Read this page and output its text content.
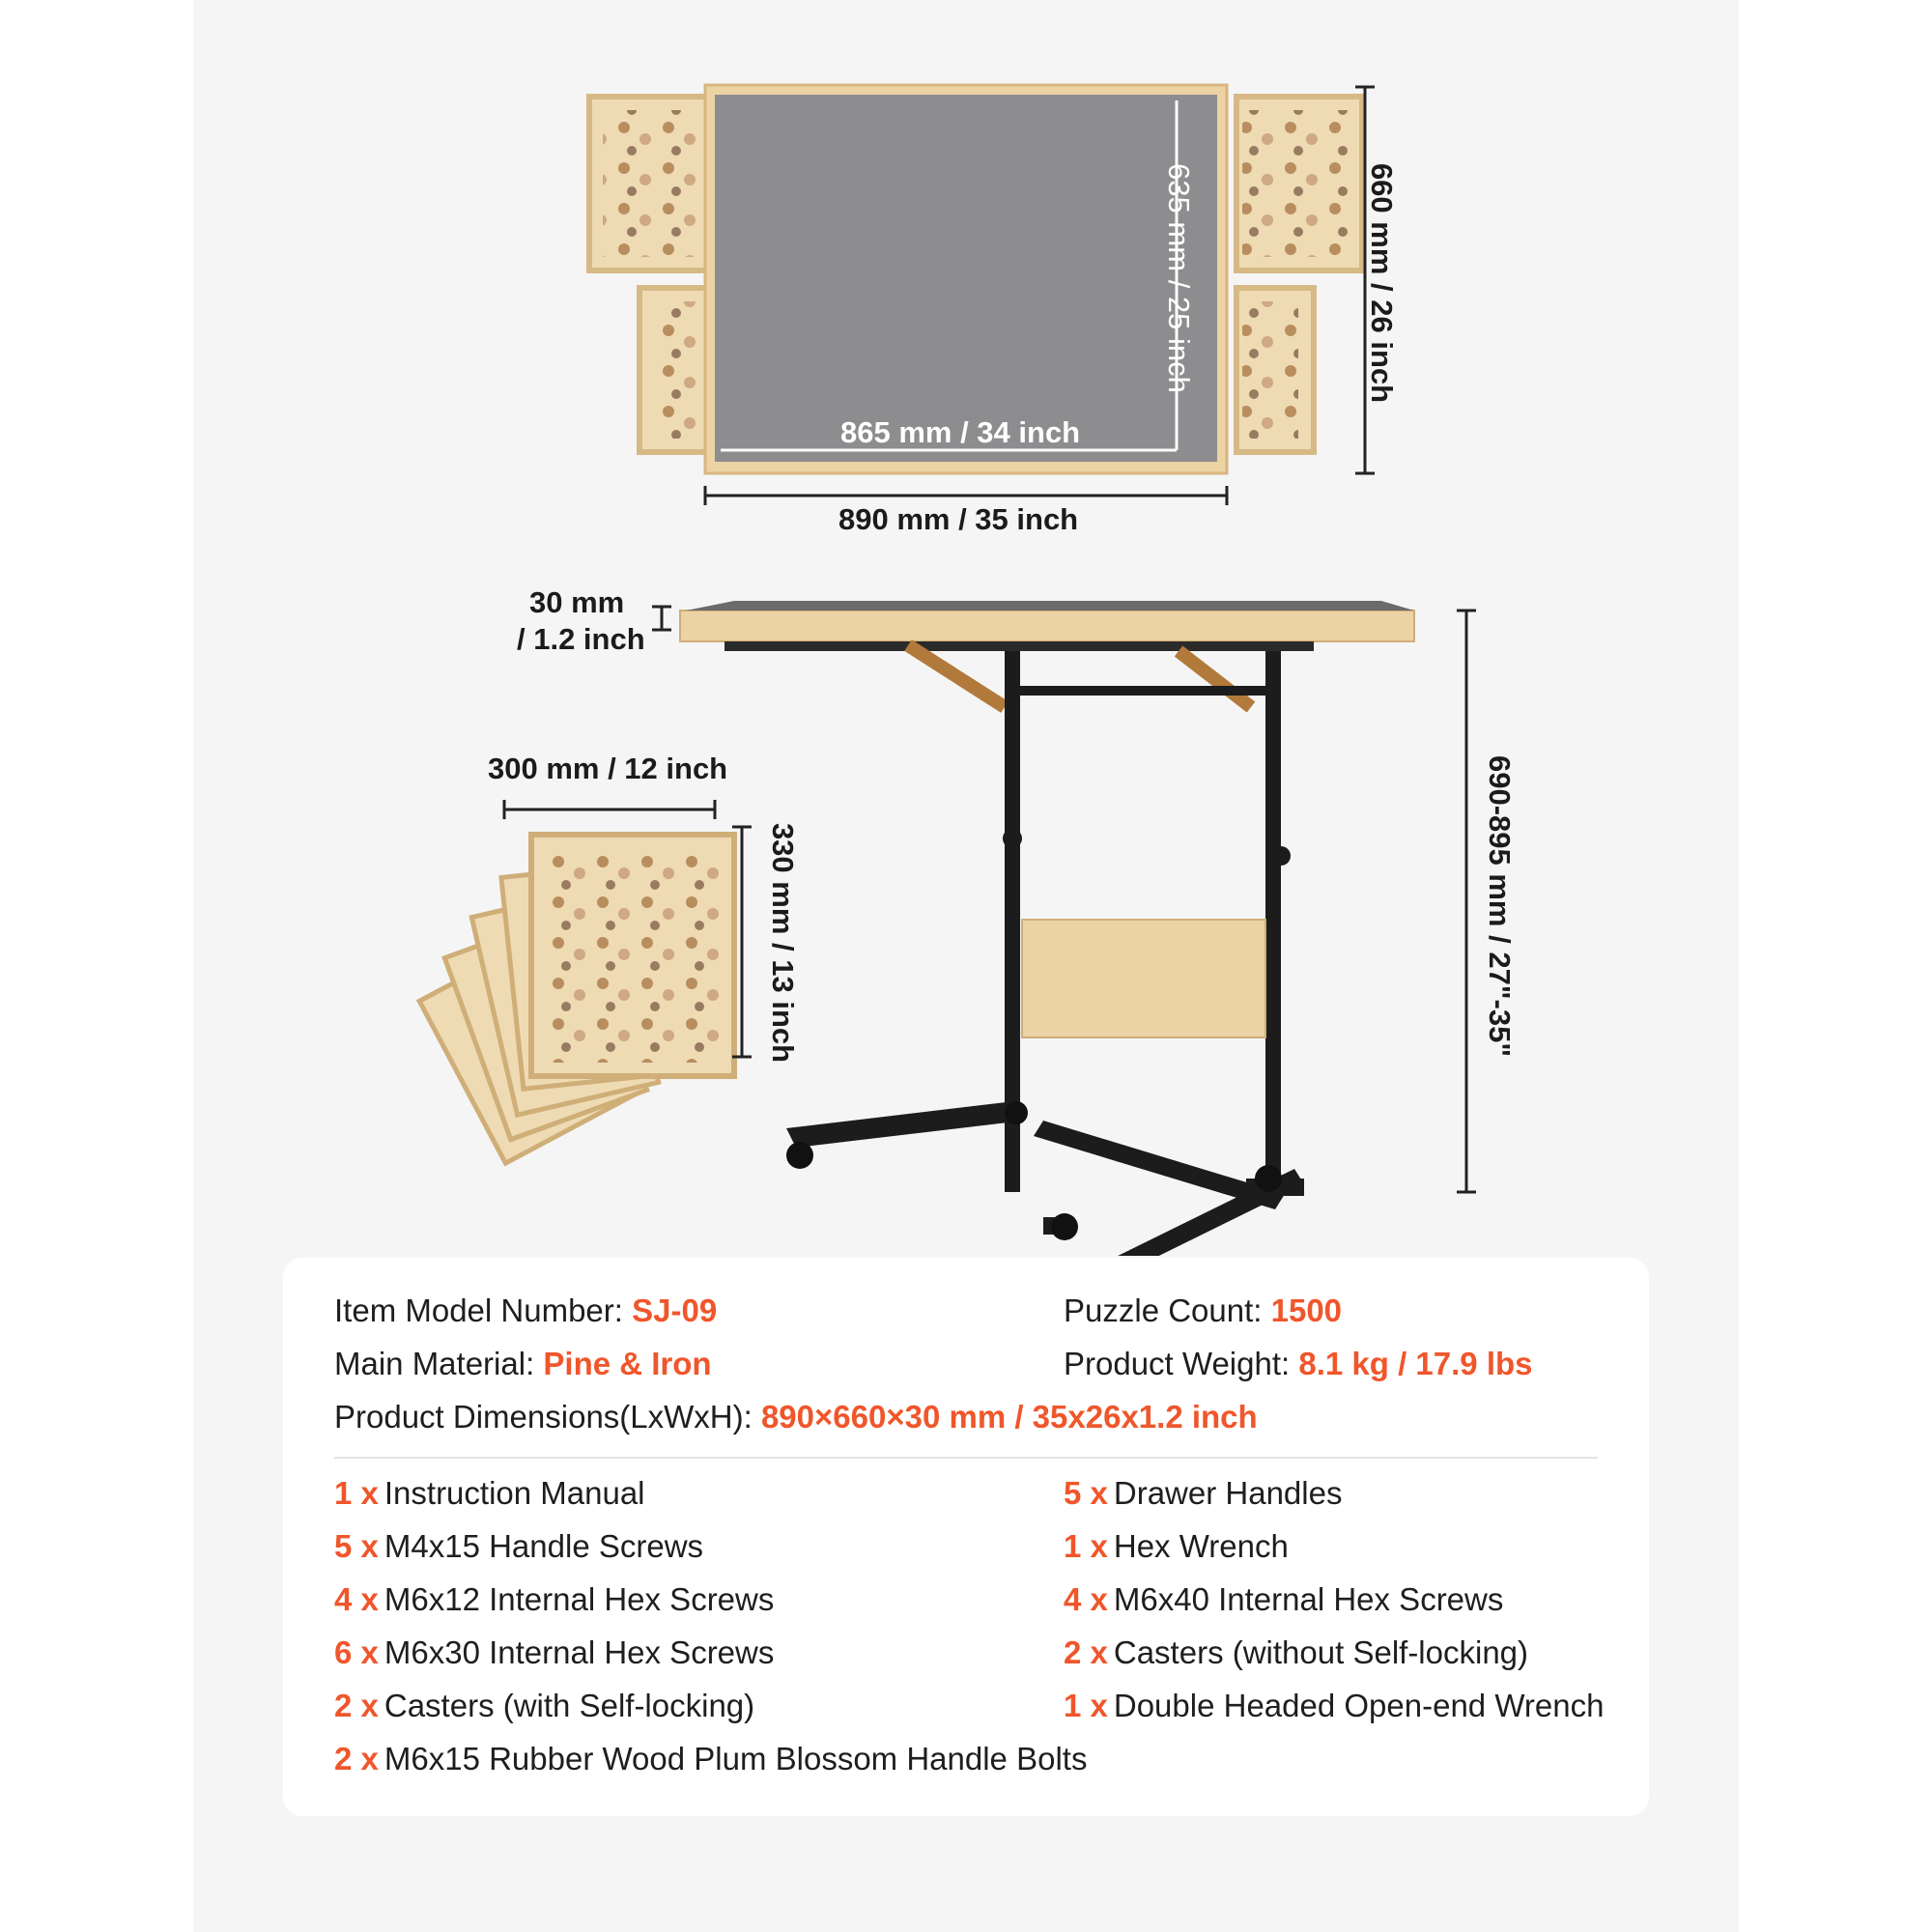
890 mm / 35 inch
865 mm / 34 inch
660 mm / 26 inch
635 mm / 25 inch
30 mm
/ 1.2 inch
690-895 mm / 27"-35"
300 mm / 12 inch
330 mm / 13 inch
Item Model Number: SJ-09	Puzzle Count: 1500
Main Material: Pine & Iron	Product Weight: 8.1 kg / 17.9 lbs
Product Dimensions(LxWxH): 890×660×30 mm / 35x26x1.2 inch
1 x Instruction Manual
5 x M4x15 Handle Screws
4 x M6x12 Internal Hex Screws
6 x M6x30 Internal Hex Screws
2 x Casters (with Self-locking)
2 x M6x15 Rubber Wood Plum Blossom Handle Bolts
5 x Drawer Handles
1 x Hex Wrench
4 x M6x40 Internal Hex Screws
2 x Casters (without Self-locking)
1 x Double Headed Open-end Wrench
